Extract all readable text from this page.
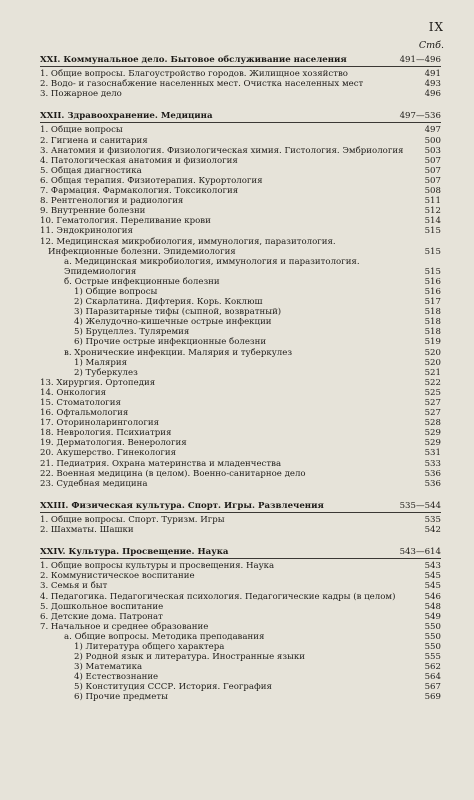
IX
Стб.
XXI. Коммунальное дело. Бытовое обслуживание населения	491—496
1. Общие вопросы. Благоустройство городов. Жилищное хозяйство	491
2. Водо- и газоснабжение населенных мест. Очистка населенных мест	493
3. Пожарное дело	496
XXII. Здравоохранение. Медицина	497—536
1. Общие вопросы	497
2. Гигиена и санитария	500
3. Анатомия и физиология. Физиологическая химия. Гистология. Эмбриология 503
4. Патологическая анатомия и физиология	507
5. Общая диагностика	507
6. Общая терапия. Физиотерапия. Курортология	507
7. Фармация. Фармакология. Токсикология	508
8. Рентгенология и радиология	511
9. Внутренние болезни	512
10. Гематология. Переливание крови	514
11. Эндокринология	515
12. Медицинская микробиология, иммунология, паразитология. Инфекционные болезни. Эпидемиология	515
а. Медицинская микробиология, иммунология и паразитология. Эпидемиология	515
б. Острые инфекционные болезни	516
1) Общие вопросы	516
2) Скарлатина. Дифтерия. Корь. Коклюш	517
3) Паразитарные тифы (сыпной, возвратный)	518
4) Желудочно-кишечные острые инфекции	518
5) Бруцеллез. Туляремия	518
6) Прочие острые инфекционные болезни	519
в. Хронические инфекции. Малярия и туберкулез	520
1) Малярия	520
2) Туберкулез	521
13. Хирургия. Ортопедия	522
14. Онкология	525
15. Стоматология	527
16. Офтальмология	527
17. Оториноларингология	528
18. Неврология. Психиатрия	529
19. Дерматология. Венерология	529
20. Акушерство. Гинекология	531
21. Педиатрия. Охрана материнства и младенчества	533
22. Военная медицина (в целом). Военно-санитарное дело	536
23. Судебная медицина	536
XXIII. Физическая культура. Спорт. Игры. Развлечения	535—544
1. Общие вопросы. Спорт. Туризм. Игры	535
2. Шахматы. Шашки	542
XXIV. Культура. Просвещение. Наука	543—614
1. Общие вопросы культуры и просвещения. Наука	543
2. Коммунистическое воспитание	545
3. Семья и быт	545
4. Педагогика. Педагогическая психология. Педагогические кадры (в целом)	546
5. Дошкольное воспитание	548
6. Детские дома. Патронат	549
7. Начальное и среднее образование	550
а. Общие вопросы. Методика преподавания	550
1) Литература общего характера	550
2) Родной язык и литература. Иностранные языки	555
3) Математика	562
4) Естествознание	564
5) Конституция СССР. История. География	567
6) Прочие предметы	569
